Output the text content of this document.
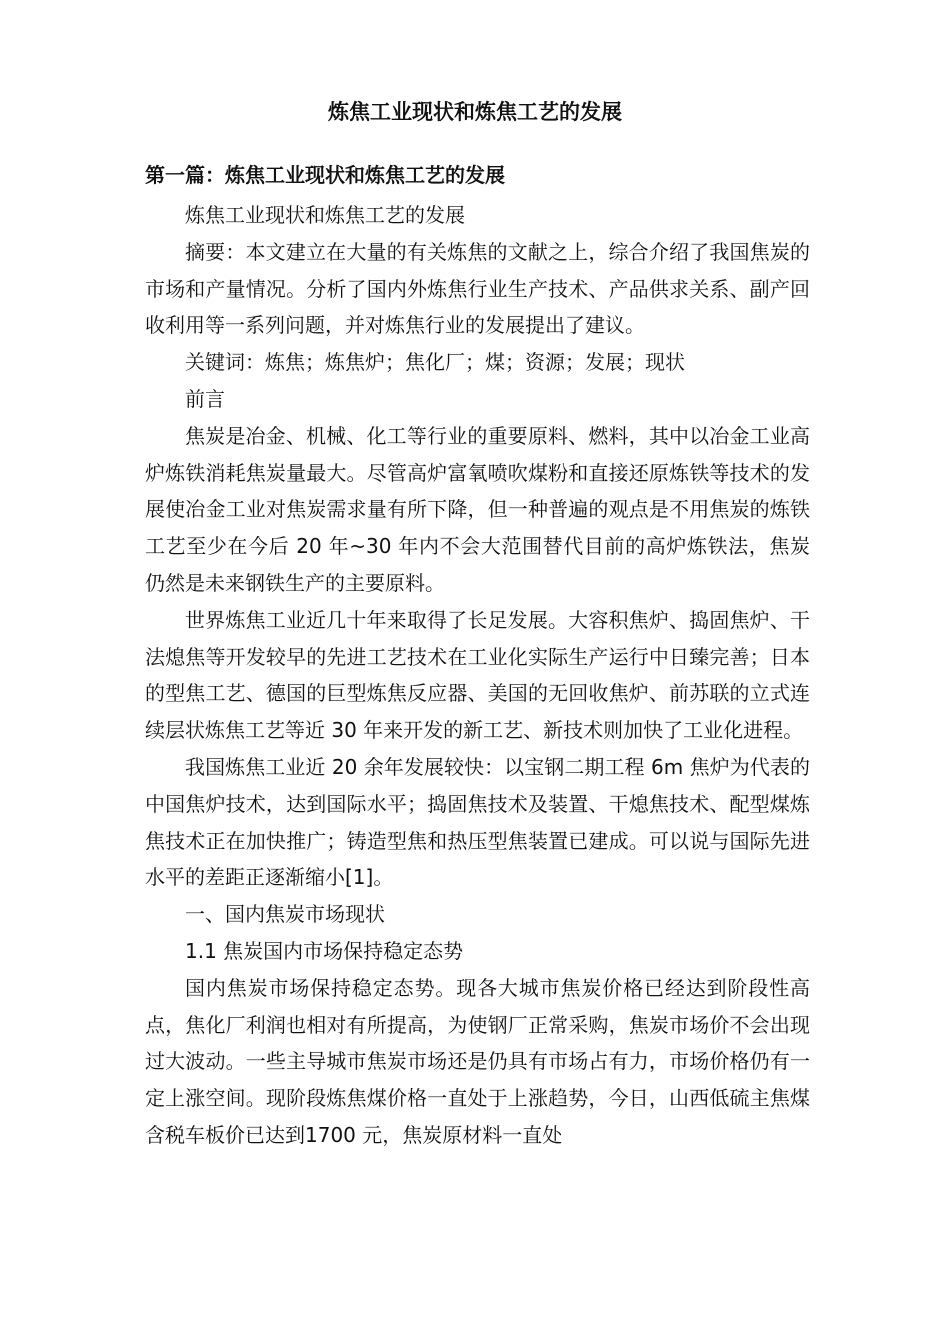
炼焦工业现状和炼焦工艺的发展
第一篇：炼焦工业现状和炼焦工艺的发展

炼焦工业现状和炼焦工艺的发展

摘要：本文建立在大量的有关炼焦的文献之上，综合介绍了我国焦炭的市场和产量情况。分析了国内外炼焦行业生产技术、产品供求关系、副产回收利用等一系列问题，并对炼焦行业的发展提出了建议。

关键词：炼焦；炼焦炉；焦化厂；煤；资源；发展；现状

前言

焦炭是冶金、机械、化工等行业的重要原料、燃料，其中以冶金工业高炉炼铁消耗焦炭量最大。尽管高炉富氧喷吹煤粉和直接还原炼铁等技术的发展使冶金工业对焦炭需求量有所下降，但一种普遍的观点是不用焦炭的炼铁工艺至少在今后 20 年~30 年内不会大范围替代目前的高炉炼铁法，焦炭仍然是未来钢铁生产的主要原料。

世界炼焦工业近几十年来取得了长足发展。大容积焦炉、捣固焦炉、干法熄焦等开发较早的先进工艺技术在工业化实际生产运行中日臻完善；日本的型焦工艺、德国的巨型炼焦反应器、美国的无回收焦炉、前苏联的立式连续层状炼焦工艺等近 30 年来开发的新工艺、新技术则加快了工业化进程。

我国炼焦工业近 20 余年发展较快：以宝钢二期工程 6m 焦炉为代表的中国焦炉技术，达到国际水平；捣固焦技术及装置、干熄焦技术、配型煤炼焦技术正在加快推广；铸造型焦和热压型焦装置已建成。可以说与国际先进水平的差距正逐渐缩小[1]。

一、国内焦炭市场现状

1.1 焦炭国内市场保持稳定态势

国内焦炭市场保持稳定态势。现各大城市焦炭价格已经达到阶段性高点，焦化厂利润也相对有所提高，为使钢厂正常采购，焦炭市场价不会出现过大波动。一些主导城市焦炭市场还是仍具有市场占有力，市场价格仍有一定上涨空间。现阶段炼焦煤价格一直处于上涨趋势，今日，山西低硫主焦煤含税车板价已达到1700 元，焦炭原材料一直处
